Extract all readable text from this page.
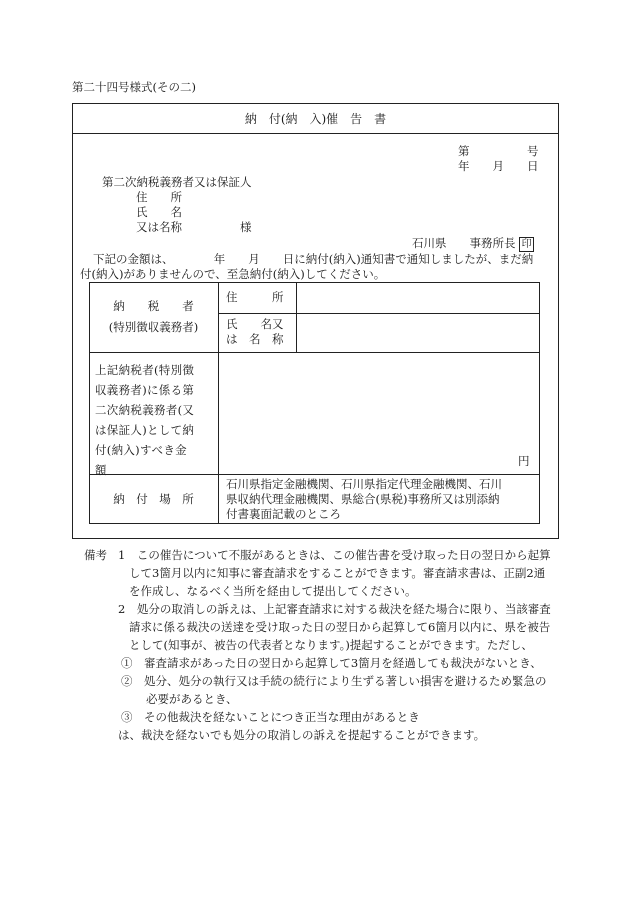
第二十四号様式(その二)
納　付(納　入)催　告　書
第　　　　　号
年　　月　　日
第二次納税義務者又は保証人
住　　所
氏　　名
又は名称	様
石川県　　事務所長 印
下記の金額は、　　　　年　　月　　日に納付(納入)通知書で通知しましたが、まだ納
付(納入)がありませんので、至急納付(納入)してください。
納　　税　　者
(特別徴収義務者)
住　　　所
氏　　名又
は　名　称
上記納税者(特別徴
収義務者)に係る第
二次納税義務者(又
は保証人)として納
付(納入)すべき金
額
円
納　付　場　所
石川県指定金融機関、石川県指定代理金融機関、石川
県収納代理金融機関、県総合(県税)事務所又は別添納
付書裏面記載のところ
備考 1　この催告について不服があるときは、この催告書を受け取った日の翌日から起算
して3箇月以内に知事に審査請求をすることができます。審査請求書は、正副2通
を作成し、なるべく当所を経由して提出してください。
2　処分の取消しの訴えは、上記審査請求に対する裁決を経た場合に限り、当該審査
請求に係る裁決の送達を受け取った日の翌日から起算して6箇月以内に、県を被告
として(知事が、被告の代表者となります。)提起することができます。ただし、
①　審査請求があった日の翌日から起算して3箇月を経過しても裁決がないとき、
②　処分、処分の執行又は手続の続行により生ずる著しい損害を避けるため緊急の
必要があるとき、
③　その他裁決を経ないことにつき正当な理由があるとき
は、裁決を経ないでも処分の取消しの訴えを提起することができます。
